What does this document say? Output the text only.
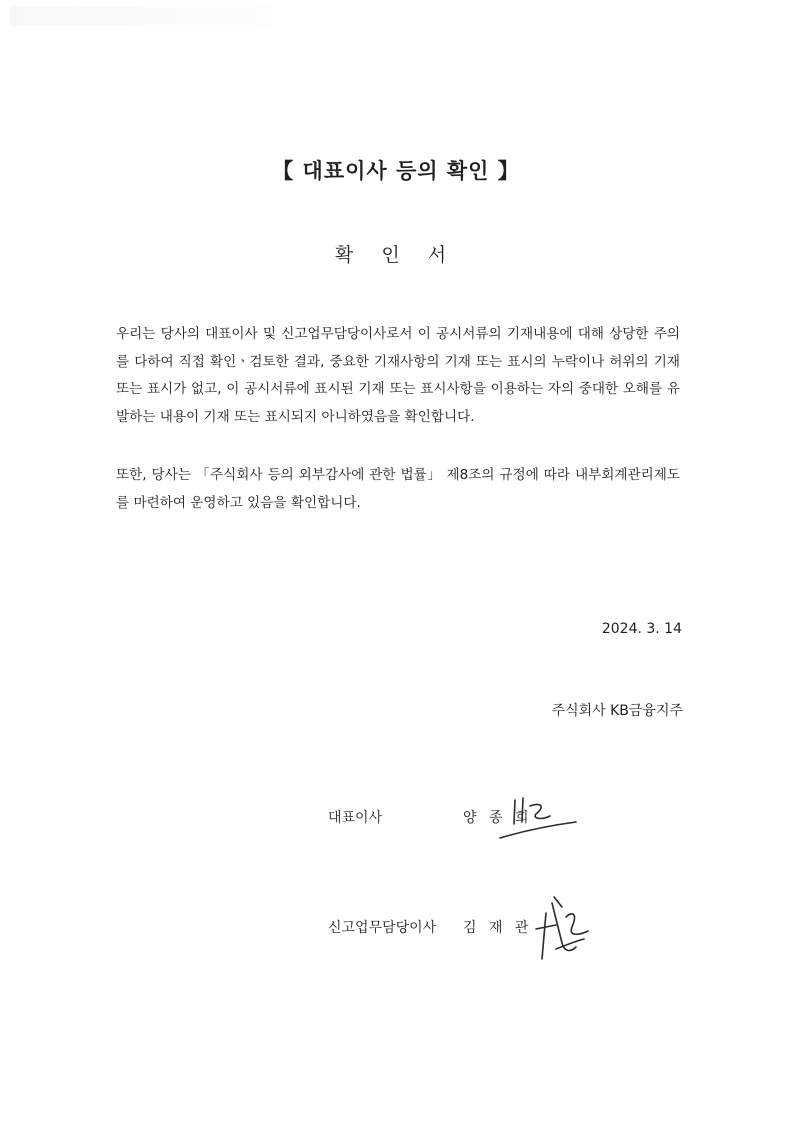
【 대표이사 등의 확인 】
확 인 서

우리는 당사의 대표이사 및 신고업무담당이사로서 이 공시서류의 기재내용에 대해 상당한 주의를 다하여 직접 확인ㆍ검토한 결과, 중요한 기재사항의 기재 또는 표시의 누락이나 허위의 기재 또는 표시가 없고, 이 공시서류에 표시된 기재 또는 표시사항을 이용하는 자의 중대한 오해를 유발하는 내용이 기재 또는 표시되지 아니하였음을 확인합니다.

또한, 당사는 「주식회사 등의 외부감사에 관한 법률」 제8조의 규정에 따라 내부회계관리제도를 마련하여 운영하고 있음을 확인합니다.

2024. 3. 14
주식회사 KB금융지주
대표이사	양 종 희
신고업무담당이사 김 재 관
